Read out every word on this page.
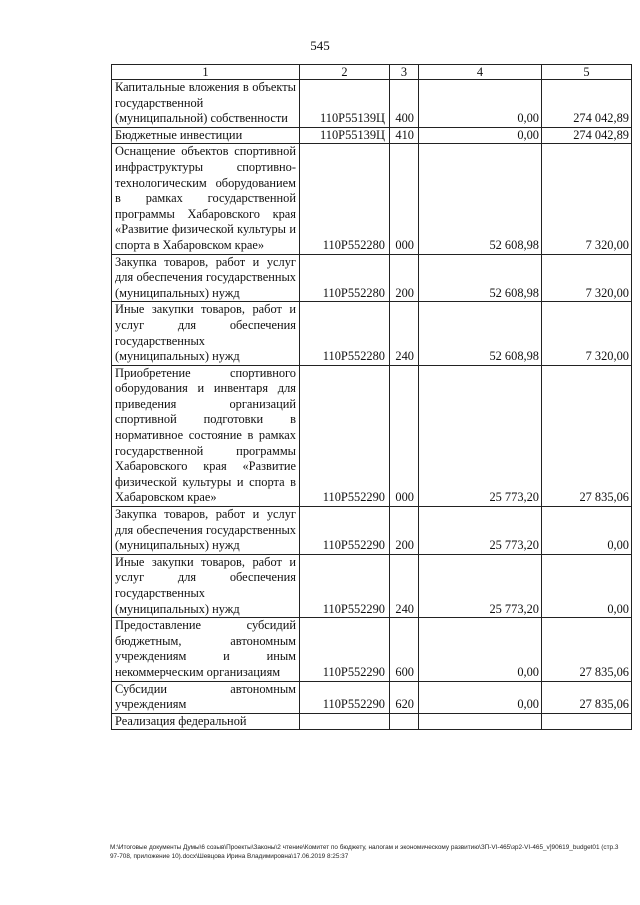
545
1	2	3	4	5
Капитальные вложения в объекты государственной (муниципальной) собственности	110P55139Ц	400	0,00	274 042,89
Бюджетные инвестиции	110P55139Ц	410	0,00	274 042,89
Оснащение объектов спортивной инфраструктуры спортивно-технологическим оборудованием в рамках государственной программы Хабаровского края «Развитие физической культуры и спорта в Хабаровском крае»	110P552280	000	52 608,98	7 320,00
Закупка товаров, работ и услуг для обеспечения государственных (муниципальных) нужд	110P552280	200	52 608,98	7 320,00
Иные закупки товаров, работ и услуг для обеспечения государственных (муниципальных) нужд	110P552280	240	52 608,98	7 320,00
Приобретение спортивного оборудования и инвентаря для приведения организаций спортивной подготовки в нормативное состояние в рамках государственной программы Хабаровского края «Развитие физической культуры и спорта в Хабаровском крае»	110P552290	000	25 773,20	27 835,06
Закупка товаров, работ и услуг для обеспечения государственных (муниципальных) нужд	110P552290	200	25 773,20	0,00
Иные закупки товаров, работ и услуг для обеспечения государственных (муниципальных) нужд	110P552290	240	25 773,20	0,00
Предоставление субсидий бюджетным, автономным учреждениям и иным некоммерческим организациям	110P552290	600	0,00	27 835,06
Субсидии автономным учреждениям	110P552290	620	0,00	27 835,06
Реализация федеральной				
М:\Итоговые документы Думы\6 созыв\Проекты\Законы\2 чтение\Комитет по бюджету, налогам и экономическому развитию\ЗП-VI-465\зр2-VI-465_v]90619_budget01 (стр.397-708, приложение 10).docx\Шевцова Ирина Владимировна\17.06.2019 8:25:37
